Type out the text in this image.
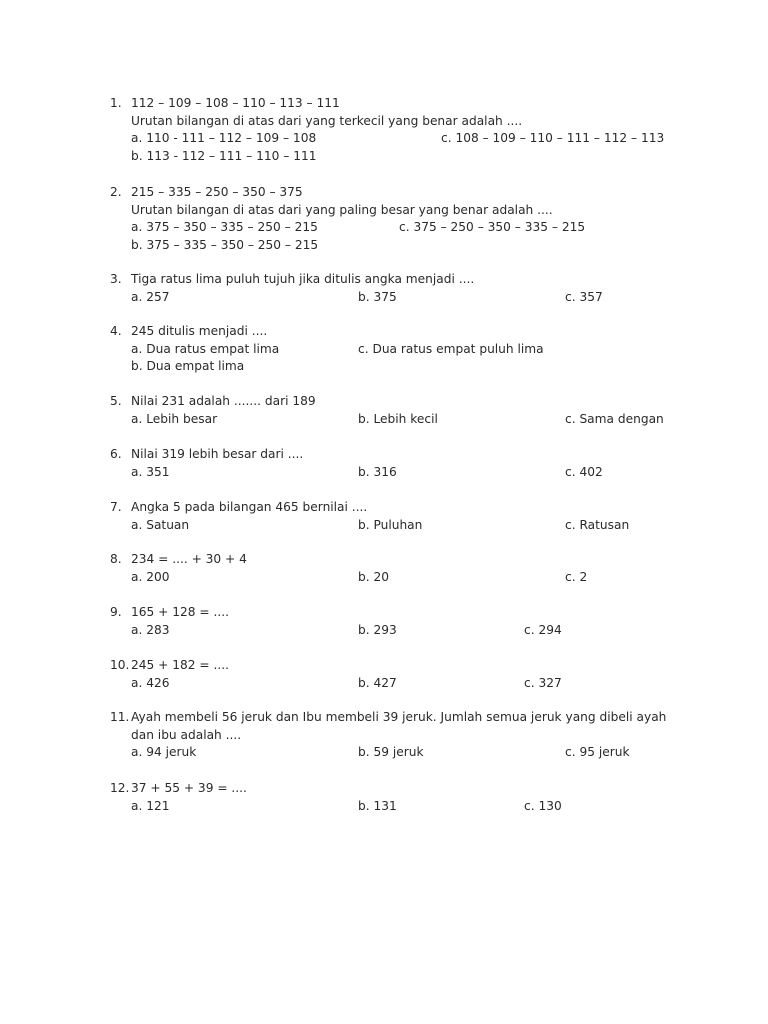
1. 112 – 109 – 108 – 110 – 113 – 111
Urutan bilangan di atas dari yang terkecil yang benar adalah ....
a. 110 - 111 – 112 – 109 – 108	c. 108 – 109 – 110 – 111 – 112 – 113
b. 113 - 112 – 111 – 110 – 111
2. 215 – 335 – 250 – 350 – 375
Urutan bilangan di atas dari yang paling besar yang benar adalah ....
a. 375 – 350 – 335 – 250 – 215	c. 375 – 250 – 350 – 335 – 215
b. 375 – 335 – 350 – 250 – 215
3. Tiga ratus lima puluh tujuh jika ditulis angka menjadi ....
a. 257	b. 375	c. 357
4. 245 ditulis menjadi ....
a. Dua ratus empat lima	c. Dua ratus empat puluh lima
b. Dua empat lima
5. Nilai 231 adalah ....... dari 189
a. Lebih besar	b. Lebih kecil	c. Sama dengan
6. Nilai 319 lebih besar dari ....
a. 351	b. 316	c. 402
7. Angka 5 pada bilangan 465 bernilai ....
a. Satuan	b. Puluhan	c. Ratusan
8. 234 = .... + 30 + 4
a. 200	b. 20	c. 2
9. 165 + 128 = ....
a. 283	b. 293	c. 294
10. 245 + 182 = ....
a. 426	b. 427	c. 327
11. Ayah membeli 56 jeruk dan Ibu membeli 39 jeruk. Jumlah semua jeruk yang dibeli ayah
dan ibu adalah ....
a. 94 jeruk	b. 59 jeruk	c. 95 jeruk
12. 37 + 55 + 39 = ....
a. 121	b. 131	c. 130
